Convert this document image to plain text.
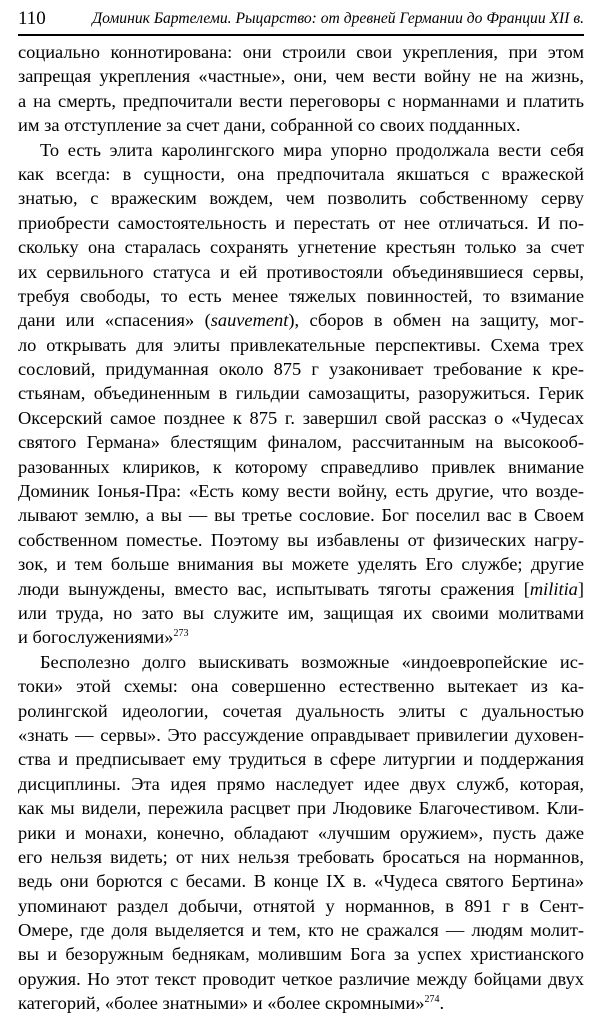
110	Доминик Бартелеми. Рыцарство: от древней Германии до Франции XII в.
социально коннотирована: они строили свои укрепления, при этом
запрещая укрепления «частные», они, чем вести войну не на жизнь,
а на смерть, предпочитали вести переговоры с норманнами и платить
им за отступление за счет дани, собранной со своих подданных.
То есть элита каролингского мира упорно продолжала вести себя
как всегда: в сущности, она предпочитала якшаться с вражеской
знатью, с вражеским вождем, чем позволить собственному серву
приобрести самостоятельность и перестать от нее отличаться. И по-
скольку она старалась сохранять угнетение крестьян только за счет
их сервильного статуса и ей противостояли объединявшиеся сервы,
требуя свободы, то есть менее тяжелых повинностей, то взимание
дани или «спасения» (sauvement), сборов в обмен на защиту, мог-
ло открывать для элиты привлекательные перспективы. Схема трех
сословий, придуманная около 875 г узаконивает требование к кре-
стьянам, объединенным в гильдии самозащиты, разоружиться. Герик
Оксерский самое позднее к 875 г. завершил свой рассказ о «Чудесах
святого Германа» блестящим финалом, рассчитанным на высокооб-
разованных клириков, к которому справедливо привлек внимание
Доминик Іонья-Пра: «Есть кому вести войну, есть другие, что возде-
лывают землю, а вы — вы третье сословие. Бог поселил вас в Своем
собственном поместье. Поэтому вы избавлены от физических нагру-
зок, и тем больше внимания вы можете уделять Его службе; другие
люди вынуждены, вместо вас, испытывать тяготы сражения [militia]
или труда, но зато вы служите им, защищая их своими молитвами
и богослужениями»$^{273}$
Бесполезно долго выискивать возможные «индоевропейские ис-
токи» этой схемы: она совершенно естественно вытекает из ка-
ролингской идеологии, сочетая дуальность элиты с дуальностью
«знать — сервы». Это рассуждение оправдывает привилегии духовен-
ства и предписывает ему трудиться в сфере литургии и поддержания
дисциплины. Эта идея прямо наследует идее двух служб, которая,
как мы видели, пережила расцвет при Людовике Благочестивом. Кли-
рики и монахи, конечно, обладают «лучшим оружием», пусть даже
его нельзя видеть; от них нельзя требовать бросаться на норманнов,
ведь они борются с бесами. В конце IX в. «Чудеса святого Бертина»
упоминают раздел добычи, отнятой у норманнов, в 891 г в Сент-
Омере, где доля выделяется и тем, кто не сражался — людям молит-
вы и безоружным беднякам, молившим Бога за успех христианского
оружия. Но этот текст проводит четкое различие между бойцами двух
категорий, «более знатными» и «более скромными»$^{274}$.
